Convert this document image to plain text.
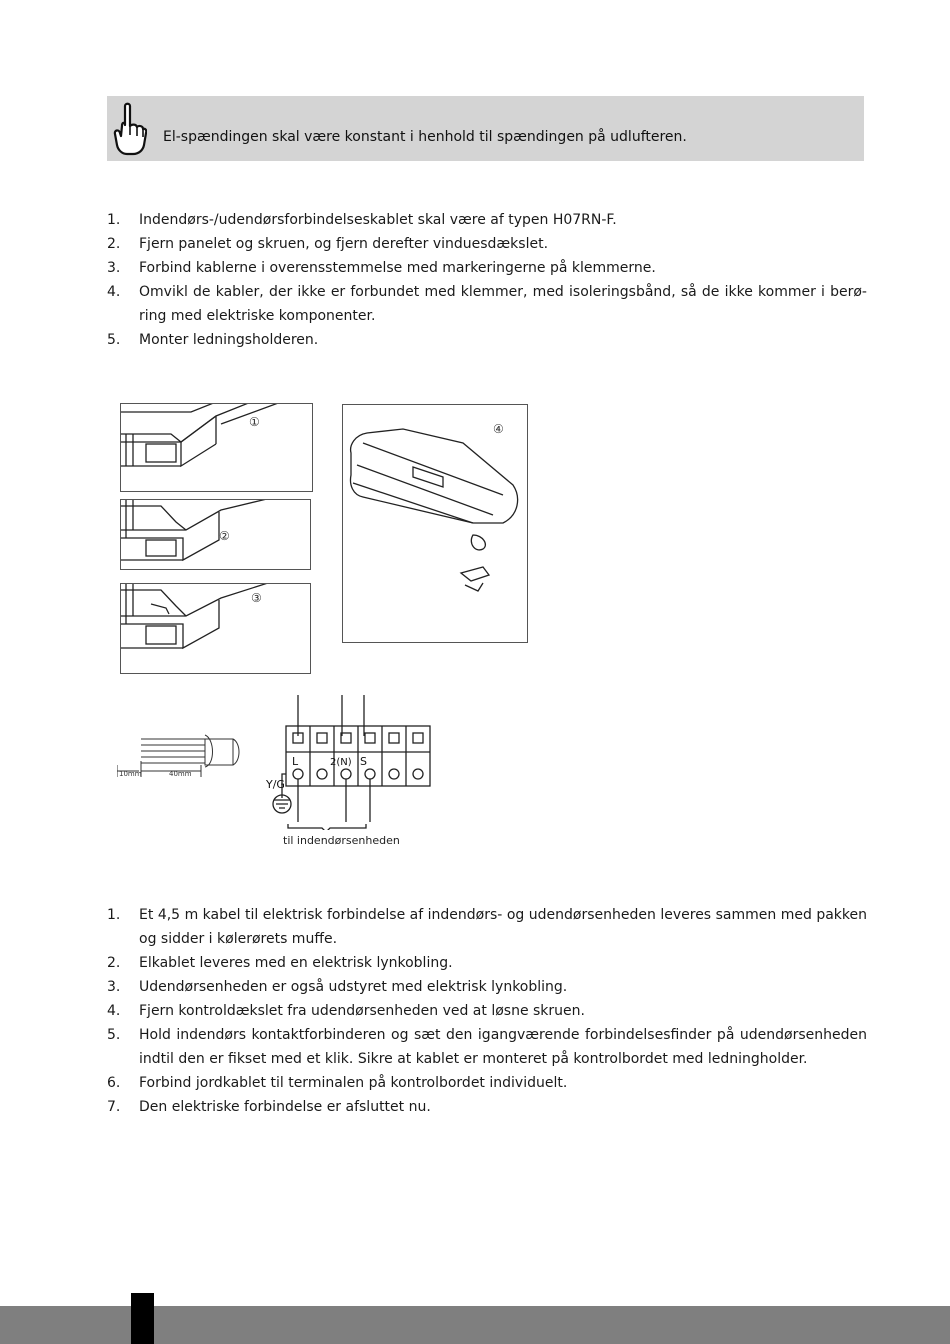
El-spændingen skal være konstant i henhold til spændingen på udlufteren.
1. Indendørs-/udendørsforbindelseskablet skal være af typen H07RN-F.
2. Fjern panelet og skruen, og fjern derefter vinduesdækslet.
3. Forbind kablerne i overensstemmelse med markeringerne på klemmerne.
4. Omvikl de kabler, der ikke er forbundet med klemmer, med isoleringsbånd, så de ikke kommer i berø-ring med elektriske komponenter.
5. Monter ledningsholderen.
①
②
③
④
10mm	40mm
L	2(N) S
Y/G
til indendørsenheden
1. Et 4,5 m kabel til elektrisk forbindelse af indendørs- og udendørsenheden leveres sammen med pakken og sidder i kølerørets muffe.
2. Elkablet leveres med en elektrisk lynkobling.
3. Udendørsenheden er også udstyret med elektrisk lynkobling.
4. Fjern kontroldækslet fra udendørsenheden ved at løsne skruen.
5. Hold indendørs kontaktforbinderen og sæt den igangværende forbindelsesfinder på udendørsenheden indtil den er fikset med et klik. Sikre at kablet er monteret på kontrolbordet med ledningholder.
6. Forbind jordkablet til terminalen på kontrolbordet individuelt.
7. Den elektriske forbindelse er afsluttet nu.
